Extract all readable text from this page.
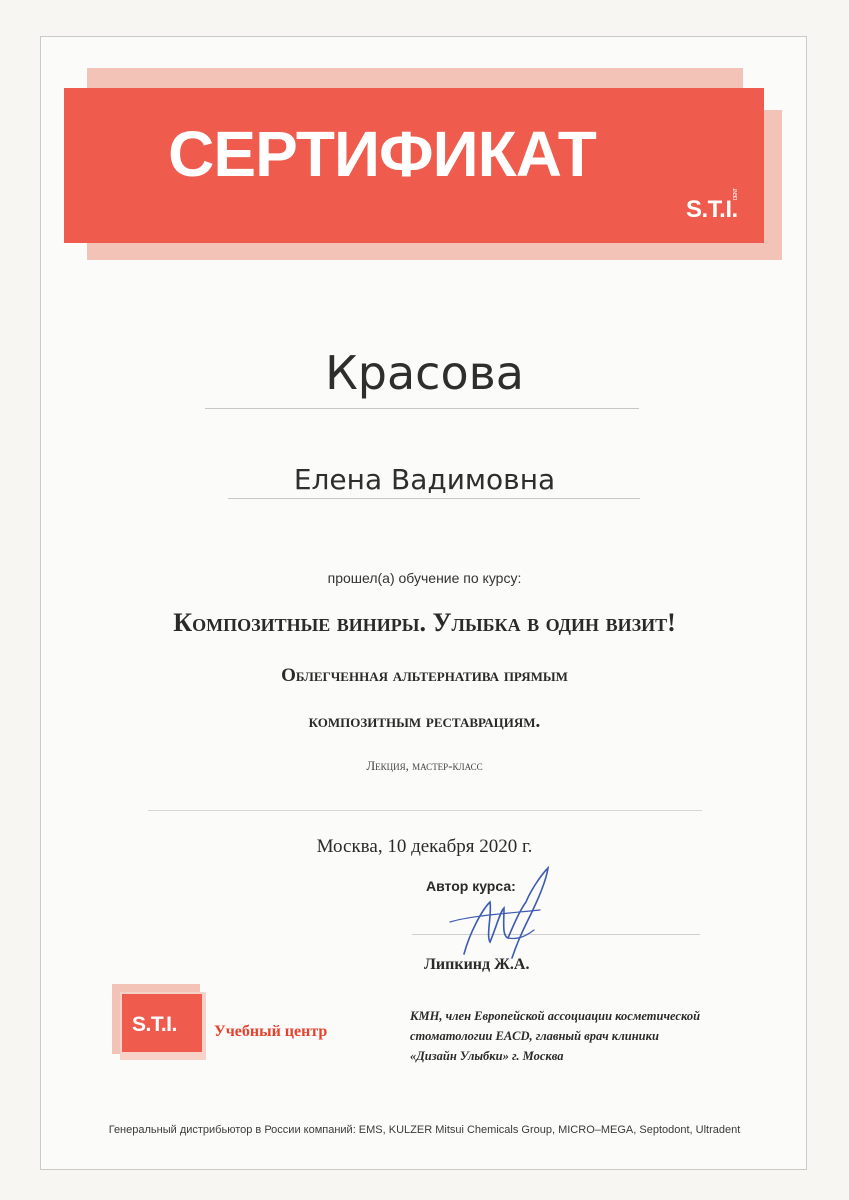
СЕРТИФИКАТ
S.T.I.
DENT
Красова
Елена Вадимовна
прошел(а) обучение по курсу:
Композитные виниры. Улыбка в один визит!
Облегченная альтернатива прямым
композитным реставрациям.
Лекция, мастер-класс
Москва, 10 декабря 2020 г.
Автор курса:
Липкинд Ж.А.
КМН, член Европейской ассоциации косметической
стоматологии EACD, главный врач клиники
«Дизайн Улыбки» г. Москва
S.T.I. Учебный центр
Генеральный дистрибьютор в России компаний: EMS, KULZER Mitsui Chemicals Group, MICRO–MEGA, Septodont, Ultradent
